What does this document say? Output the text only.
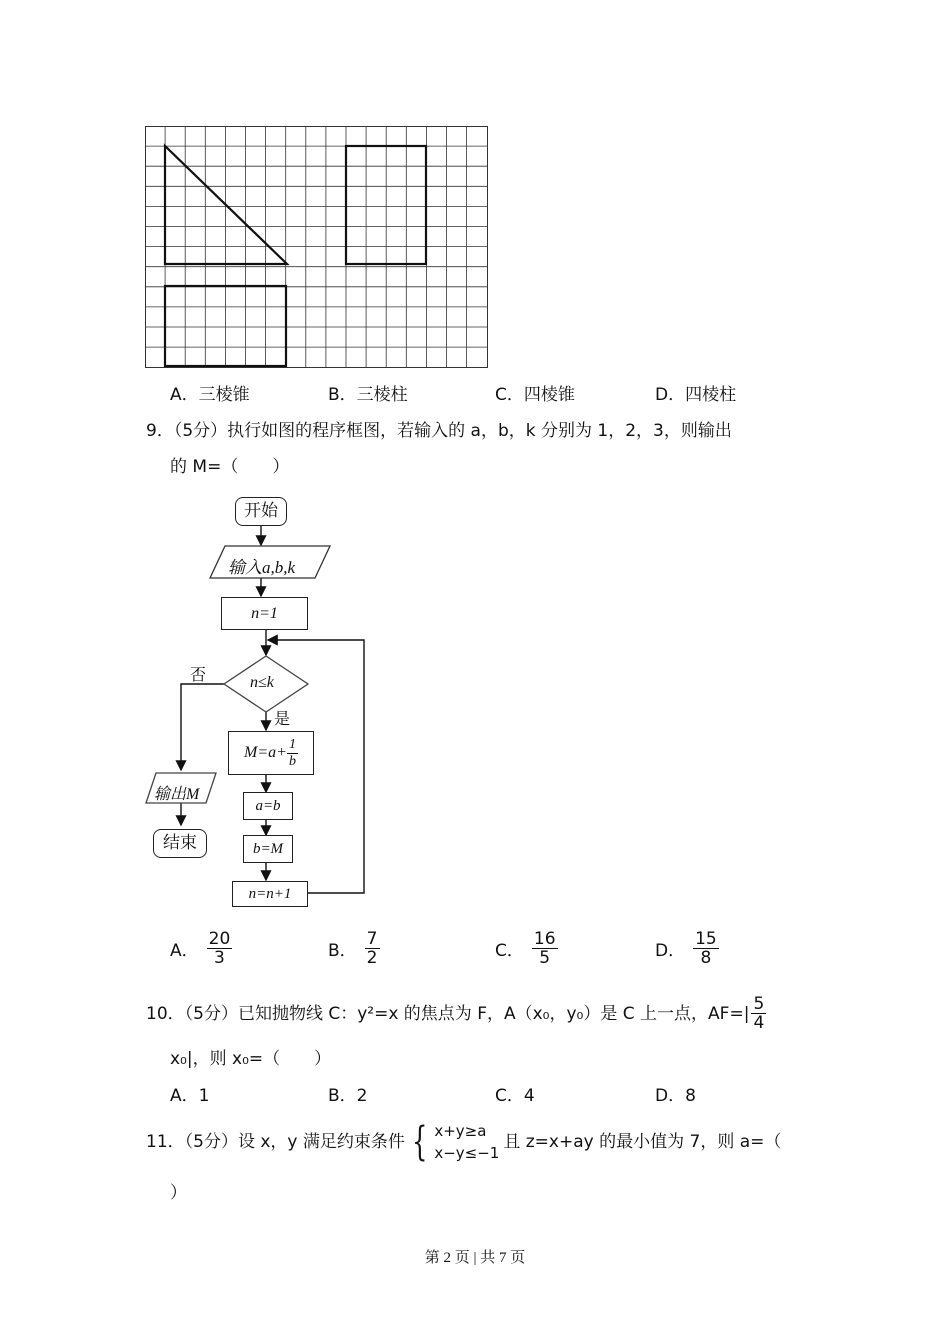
A．三棱锥	B．三棱柱	C．四棱锥	D．四棱柱
9．（5分）执行如图的程序框图，若输入的 a，b，k 分别为 1，2，3，则输出
的 M=（　　）
开始
输入a,b,k
n=1
n≤k
否
是
$M=a+ \frac{1}{b}$
a=b
b=M
n=n+1
输出M
结束
A． $\frac{20}{3}$	B． $\frac{7}{2}$	C． $\frac{16}{5}$	D． $\frac{15}{8}$
10．（5分）已知抛物线 C：y²=x 的焦点为 F，A（x₀，y₀）是 C 上一点，$AF=| \frac{5}{4}$
x₀|，则 x₀=（　　）
A．1	B．2	C．4	D．8
11．（5分）设 x，y 满足约束条件 { x+y≥a
x−y≤−1
且 z=x+ay 的最小值为 7，则 a=（
）
第 2 页 | 共 7 页
